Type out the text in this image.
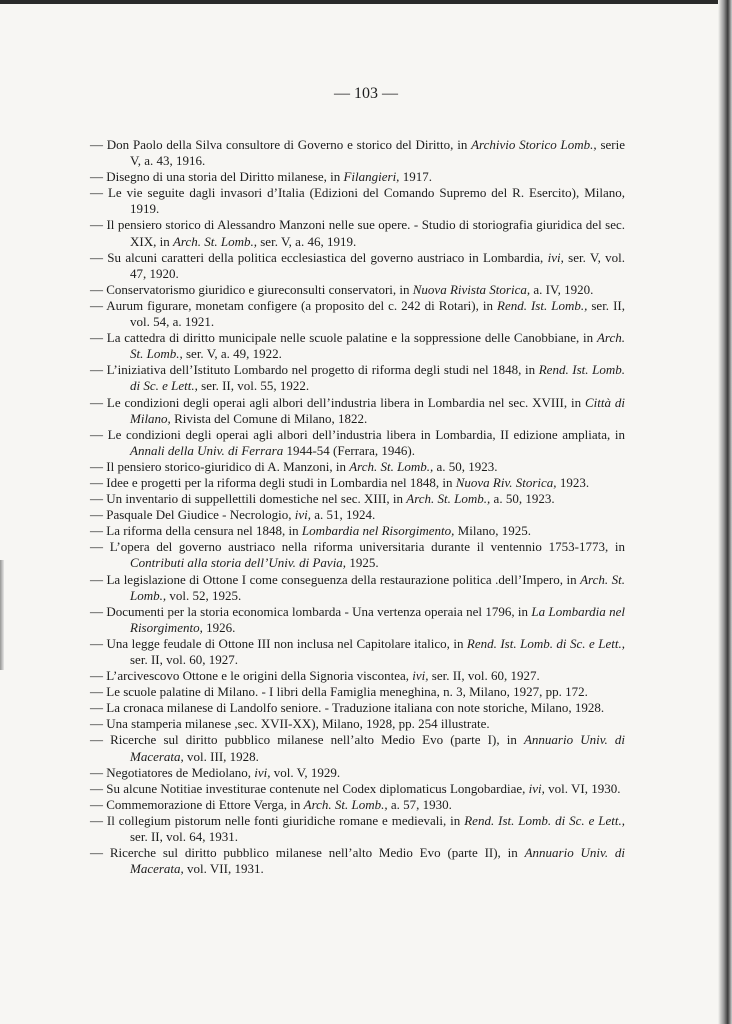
— 103 —

— Don Paolo della Silva consultore di Governo e storico del Diritto, in Archivio Storico Lomb., serie V, a. 43, 1916.

— Disegno di una storia del Diritto milanese, in Filangieri, 1917.

— Le vie seguite dagli invasori d’Italia (Edizioni del Comando Supremo del R. Esercito), Milano, 1919.

— Il pensiero storico di Alessandro Manzoni nelle sue opere. - Studio di storiografia giuridica del sec. XIX, in Arch. St. Lomb., ser. V, a. 46, 1919.

— Su alcuni caratteri della politica ecclesiastica del governo austriaco in Lombardia, ivi, ser. V, vol. 47, 1920.

— Conservatorismo giuridico e giureconsulti conservatori, in Nuova Rivista Storica, a. IV, 1920.

— Aurum figurare, monetam configere (a proposito del c. 242 di Rotari), in Rend. Ist. Lomb., ser. II, vol. 54, a. 1921.

— La cattedra di diritto municipale nelle scuole palatine e la soppressione delle Canobbiane, in Arch. St. Lomb., ser. V, a. 49, 1922.

— L’iniziativa dell’Istituto Lombardo nel progetto di riforma degli studi nel 1848, in Rend. Ist. Lomb. di Sc. e Lett., ser. II, vol. 55, 1922.

— Le condizioni degli operai agli albori dell’industria libera in Lombardia nel sec. XVIII, in Città di Milano, Rivista del Comune di Milano, 1822.

— Le condizioni degli operai agli albori dell’industria libera in Lombardia, II edizione ampliata, in Annali della Univ. di Ferrara 1944-54 (Ferrara, 1946).

— Il pensiero storico-giuridico di A. Manzoni, in Arch. St. Lomb., a. 50, 1923.

— Idee e progetti per la riforma degli studi in Lombardia nel 1848, in Nuova Riv. Storica, 1923.

— Un inventario di suppellettili domestiche nel sec. XIII, in Arch. St. Lomb., a. 50, 1923.

— Pasquale Del Giudice - Necrologio, ivi, a. 51, 1924.

— La riforma della censura nel 1848, in Lombardia nel Risorgimento, Milano, 1925.

— L’opera del governo austriaco nella riforma universitaria durante il ventennio 1753-1773, in Contributi alla storia dell’Univ. di Pavia, 1925.

— La legislazione di Ottone I come conseguenza della restaurazione politica .dell’Impero, in Arch. St. Lomb., vol. 52, 1925.

— Documenti per la storia economica lombarda - Una vertenza operaia nel 1796, in La Lombardia nel Risorgimento, 1926.

— Una legge feudale di Ottone III non inclusa nel Capitolare italico, in Rend. Ist. Lomb. di Sc. e Lett., ser. II, vol. 60, 1927.

— L’arcivescovo Ottone e le origini della Signoria viscontea, ivi, ser. II, vol. 60, 1927.

— Le scuole palatine di Milano. - I libri della Famiglia meneghina, n. 3, Milano, 1927, pp. 172.

— La cronaca milanese di Landolfo seniore. - Traduzione italiana con note storiche, Milano, 1928.

— Una stamperia milanese ,sec. XVII-XX), Milano, 1928, pp. 254 illustrate.

— Ricerche sul diritto pubblico milanese nell’alto Medio Evo (parte I), in Annuario Univ. di Macerata, vol. III, 1928.

— Negotiatores de Mediolano, ivi, vol. V, 1929.

— Su alcune Notitiae investiturae contenute nel Codex diplomaticus Longobardiae, ivi, vol. VI, 1930.

— Commemorazione di Ettore Verga, in Arch. St. Lomb., a. 57, 1930.

— Il collegium pistorum nelle fonti giuridiche romane e medievali, in Rend. Ist. Lomb. di Sc. e Lett., ser. II, vol. 64, 1931.

— Ricerche sul diritto pubblico milanese nell’alto Medio Evo (parte II), in Annuario Univ. di Macerata, vol. VII, 1931.
